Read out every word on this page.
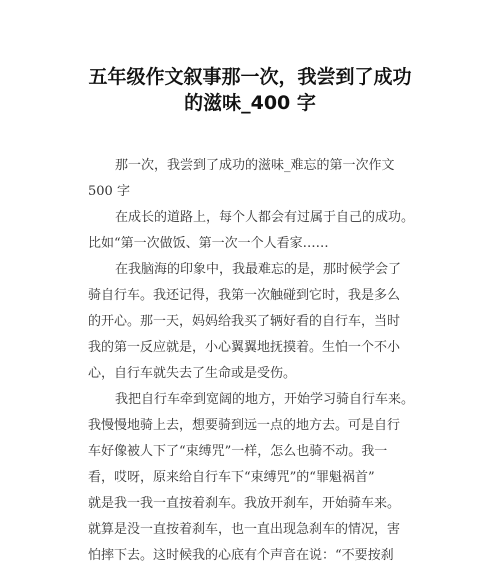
五年级作文叙事那一次，我尝到了成功
的滋味_400 字
那一次，我尝到了成功的滋味_难忘的第一次作文
500 字
在成长的道路上，每个人都会有过属于自己的成功。
比如“第一次做饭、第一次一个人看家……
在我脑海的印象中，我最难忘的是，那时候学会了
骑自行车。我还记得，我第一次触碰到它时，我是多么
的开心。那一天，妈妈给我买了辆好看的自行车，当时
我的第一反应就是，小心翼翼地抚摸着。生怕一个不小
心，自行车就失去了生命或是受伤。
我把自行车牵到宽阔的地方，开始学习骑自行车来。
我慢慢地骑上去，想要骑到远一点的地方去。可是自行
车好像被人下了“束缚咒”一样，怎么也骑不动。我一
看，哎呀，原来给自行车下“束缚咒”的“罪魁祸首”
就是我一我一直按着刹车。我放开刹车，开始骑车来。
就算是没一直按着刹车，也一直出现急刹车的情况，害
怕摔下去。这时候我的心底有个声音在说：“不要按刹
